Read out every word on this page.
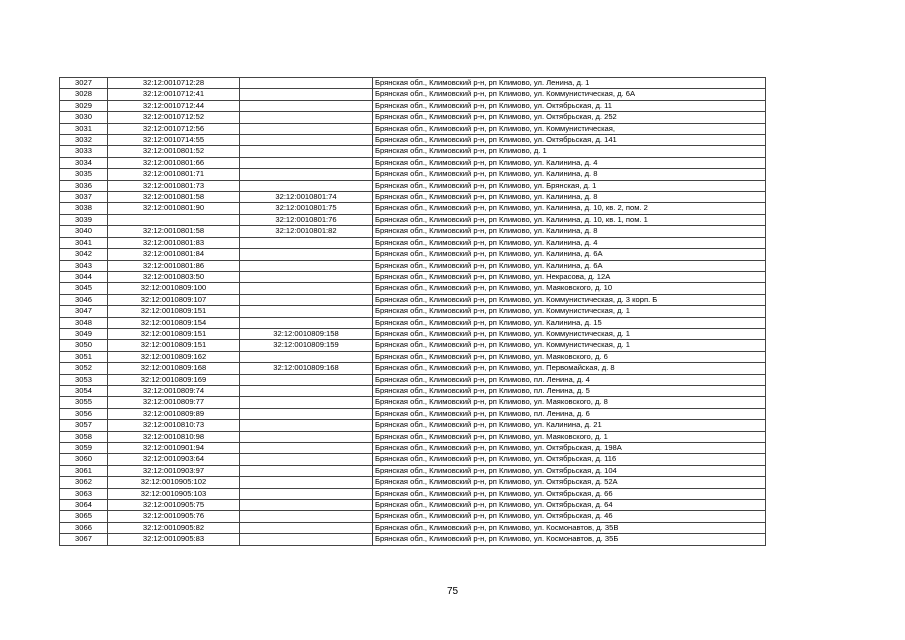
3027	32:12:0010712:28		Брянская обл., Климовский р-н, рп Климово, ул. Ленина, д. 1
3028	32:12:0010712:41		Брянская обл., Климовский р-н, рп Климово, ул. Коммунистическая, д. 6А
3029	32:12:0010712:44		Брянская обл., Климовский р-н, рп Климово, ул. Октябрьская, д. 11
3030	32:12:0010712:52		Брянская обл., Климовский р-н, рп Климово, ул. Октябрьская, д. 252
3031	32:12:0010712:56		Брянская обл., Климовский р-н, рп Климово, ул. Коммунистическая,
3032	32:12:0010714:55		Брянская обл., Климовский р-н, рп Климово, ул. Октябрьская, д. 141
3033	32:12:0010801:52		Брянская обл., Климовский р-н, рп Климово, д. 1
3034	32:12:0010801:66		Брянская обл., Климовский р-н, рп Климово, ул. Калинина, д. 4
3035	32:12:0010801:71		Брянская обл., Климовский р-н, рп Климово, ул. Калинина, д. 8
3036	32:12:0010801:73		Брянская обл., Климовский р-н, рп Климово, ул. Брянская, д. 1
3037	32:12:0010801:58	32:12:0010801:74	Брянская обл., Климовский р-н, рп Климово, ул. Калинина, д. 8
3038	32:12:0010801:90	32:12:0010801:75	Брянская обл., Климовский р-н, рп Климово, ул. Калинина, д. 10, кв. 2, пом. 2
3039		32:12:0010801:76	Брянская обл., Климовский р-н, рп Климово, ул. Калинина, д. 10, кв. 1, пом. 1
3040	32:12:0010801:58	32:12:0010801:82	Брянская обл., Климовский р-н, рп Климово, ул. Калинина, д. 8
3041	32:12:0010801:83		Брянская обл., Климовский р-н, рп Климово, ул. Калинина, д. 4
3042	32:12:0010801:84		Брянская обл., Климовский р-н, рп Климово, ул. Калинина, д. 6А
3043	32:12:0010801:86		Брянская обл., Климовский р-н, рп Климово, ул. Калинина, д. 6А
3044	32:12:0010803:50		Брянская обл., Климовский р-н, рп Климово, ул. Некрасова, д. 12А
3045	32:12:0010809:100		Брянская обл., Климовский р-н, рп Климово, ул. Маяковского, д. 10
3046	32:12:0010809:107		Брянская обл., Климовский р-н, рп Климово, ул. Коммунистическая, д. 3 корп. Б
3047	32:12:0010809:151		Брянская обл., Климовский р-н, рп Климово, ул. Коммунистическая, д. 1
3048	32:12:0010809:154		Брянская обл., Климовский р-н, рп Климово, ул. Калинина, д. 15
3049	32:12:0010809:151	32:12:0010809:158	Брянская обл., Климовский р-н, рп Климово, ул. Коммунистическая, д. 1
3050	32:12:0010809:151	32:12:0010809:159	Брянская обл., Климовский р-н, рп Климово, ул. Коммунистическая, д. 1
3051	32:12:0010809:162		Брянская обл., Климовский р-н, рп Климово, ул. Маяковского, д. 6
3052	32:12:0010809:168	32:12:0010809:168	Брянская обл., Климовский р-н, рп Климово, ул. Первомайская, д. 8
3053	32:12:0010809:169		Брянская обл., Климовский р-н, рп Климово, пл. Ленина, д. 4
3054	32:12:0010809:74		Брянская обл., Климовский р-н, рп Климово, пл. Ленина, д. 5
3055	32:12:0010809:77		Брянская обл., Климовский р-н, рп Климово, ул. Маяковского, д. 8
3056	32:12:0010809:89		Брянская обл., Климовский р-н, рп Климово, пл. Ленина, д. 6
3057	32:12:0010810:73		Брянская обл., Климовский р-н, рп Климово, ул. Калинина, д. 21
3058	32:12:0010810:98		Брянская обл., Климовский р-н, рп Климово, ул. Маяковского, д. 1
3059	32:12:0010901:94		Брянская обл., Климовский р-н, рп Климово, ул. Октябрьская, д. 198А
3060	32:12:0010903:64		Брянская обл., Климовский р-н, рп Климово, ул. Октябрьская, д. 116
3061	32:12:0010903:97		Брянская обл., Климовский р-н, рп Климово, ул. Октябрьская, д. 104
3062	32:12:0010905:102		Брянская обл., Климовский р-н, рп Климово, ул. Октябрьская, д. 52А
3063	32:12:0010905:103		Брянская обл., Климовский р-н, рп Климово, ул. Октябрьская, д. 66
3064	32:12:0010905:75		Брянская обл., Климовский р-н, рп Климово, ул. Октябрьская, д. 64
3065	32:12:0010905:76		Брянская обл., Климовский р-н, рп Климово, ул. Октябрьская, д. 46
3066	32:12:0010905:82		Брянская обл., Климовский р-н, рп Климово, ул. Космонавтов, д. 35В
3067	32:12:0010905:83		Брянская обл., Климовский р-н, рп Климово, ул. Космонавтов, д. 35Б
75
